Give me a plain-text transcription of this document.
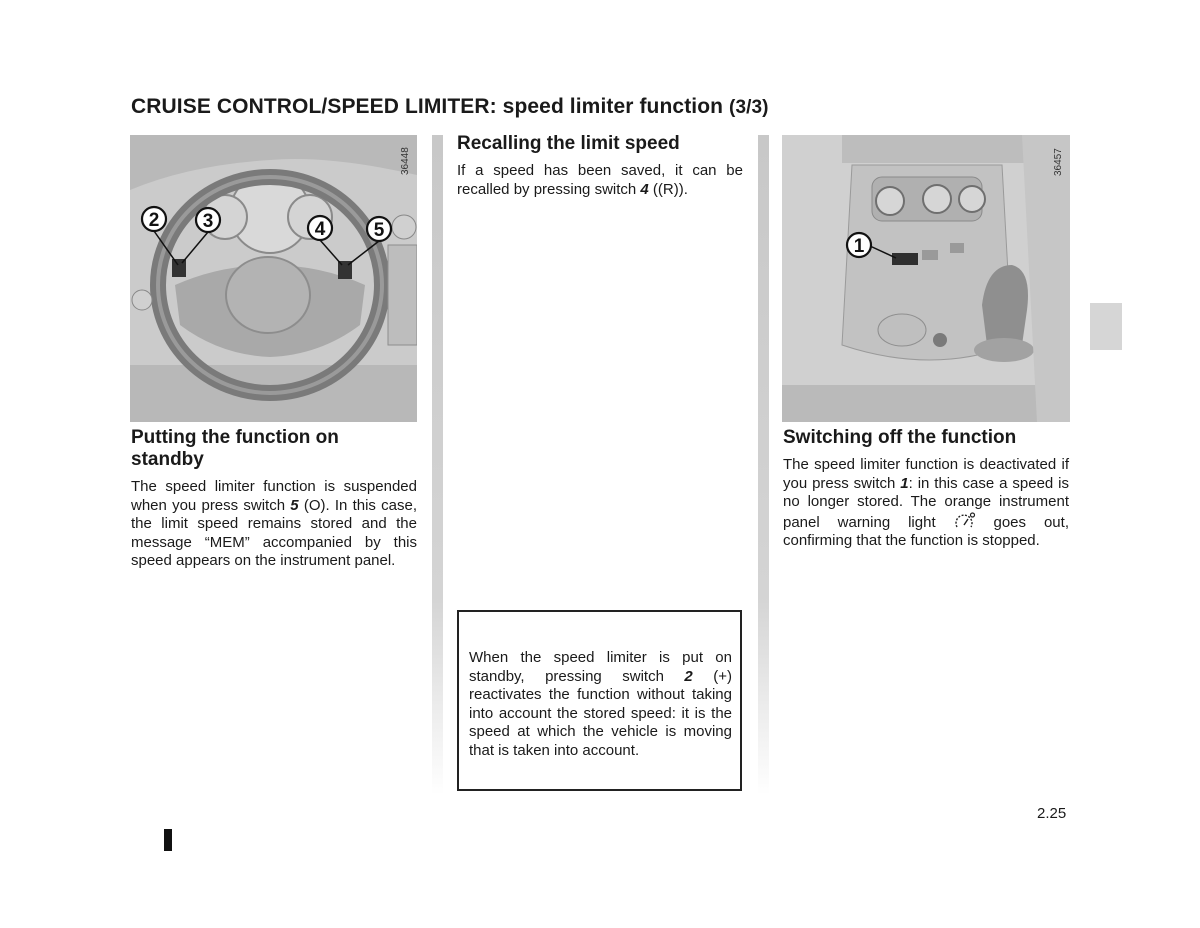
CRUISE CONTROL/SPEED LIMITER: speed limiter function (3/3)
2 3	4	5
36448
Putting the function on standby
The speed limiter function is suspended when you press switch 5 (O). In this case, the limit speed remains stored and the message “MEM” accompanied by this speed appears on the instrument panel.
Recalling the limit speed
If a speed has been saved, it can be recalled by pressing switch 4 ((R)).
When the speed limiter is put on standby, pressing switch 2 (+) reactivates the function without taking into account the stored speed: it is the speed at which the vehicle is moving that is taken into account.
1
36457
Switching off the function
The speed limiter function is deactivated if you press switch 1: in this case a speed is no longer stored. The orange instrument panel warning light  goes out, confirming that the function is stopped.
2.25
